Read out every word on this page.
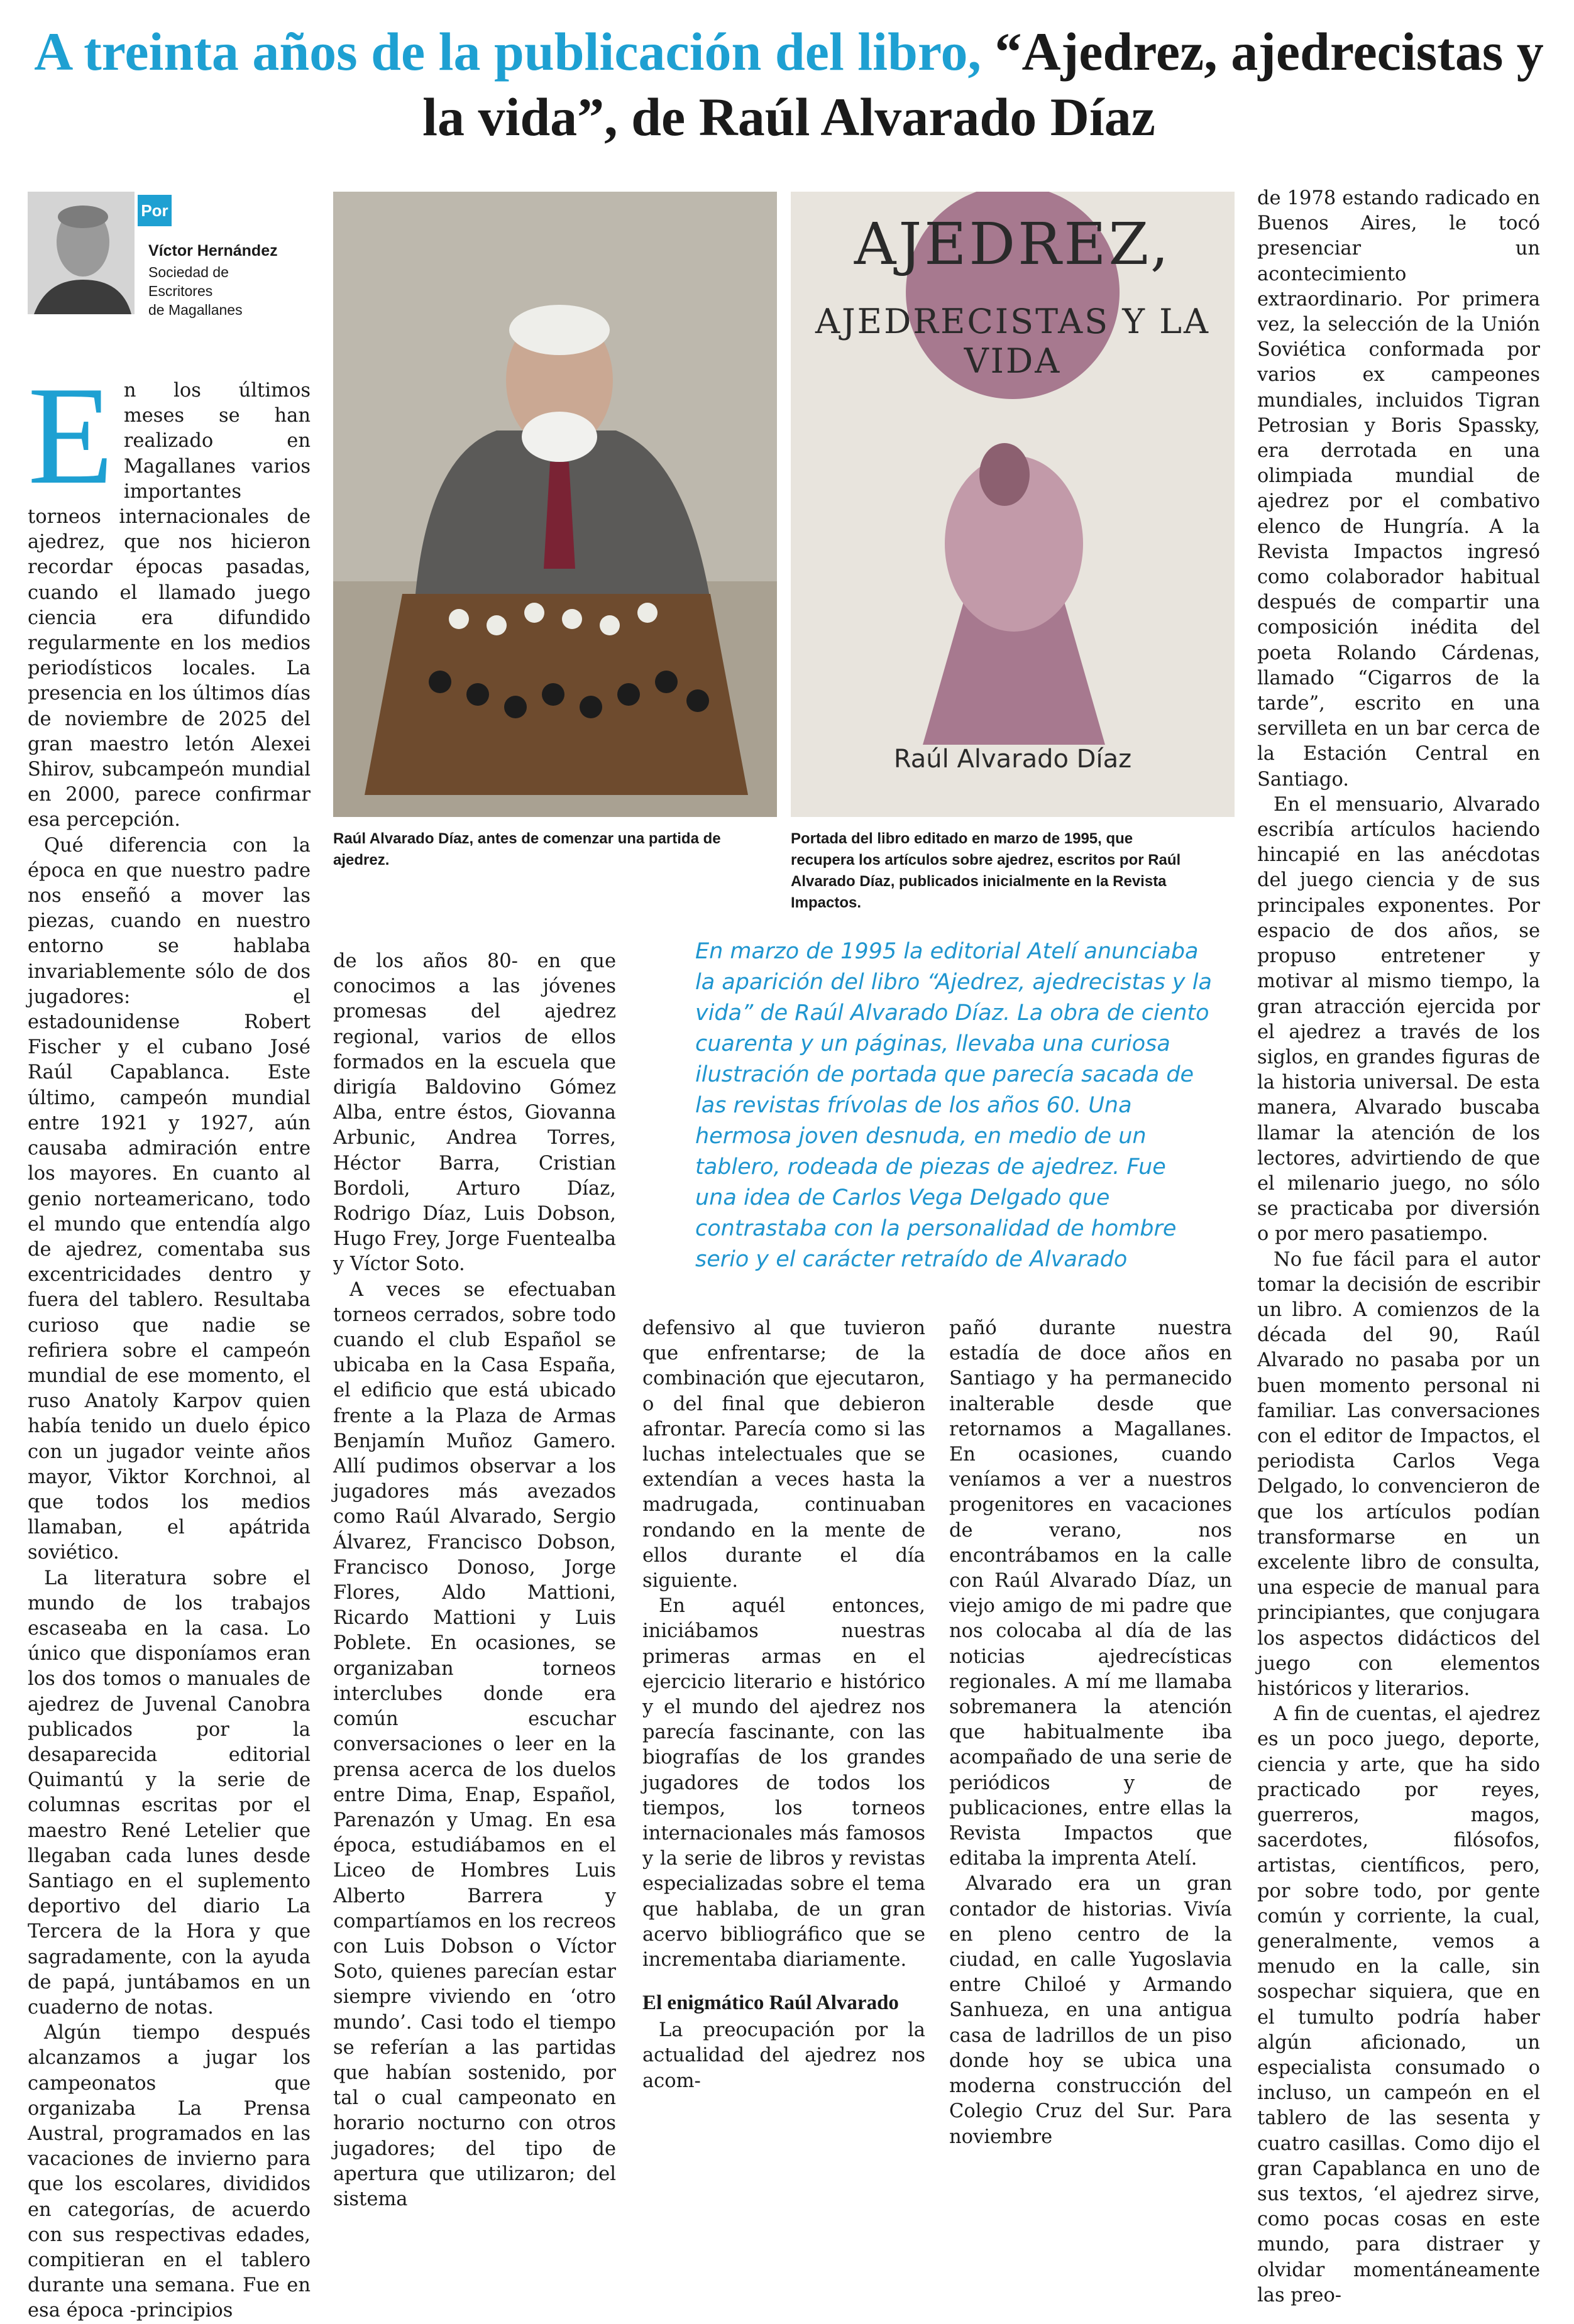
A treinta años de la publicación del libro, “Ajedrez, ajedrecistas y la vida”, de Raúl Alvarado Díaz
Por
Víctor Hernández
Sociedad de
Escritores
de Magallanes
Raúl Alvarado Díaz, antes de comenzar una partida de ajedrez.
AJEDREZ,
AJEDRECISTAS Y LA VIDA
Raúl Alvarado Díaz
Portada del libro editado en marzo de 1995, que recupera los artículos sobre ajedrez, escritos por Raúl Alvarado Díaz, publicados inicialmente en la Revista Impactos.
En marzo de 1995 la editorial Atelí anunciaba la aparición del libro “Ajedrez, ajedrecistas y la vida” de Raúl Alvarado Díaz. La obra de ciento cuarenta y un páginas, llevaba una curiosa ilustración de portada que parecía sacada de las revistas frívolas de los años 60. Una hermosa joven desnuda, en medio de un tablero, rodeada de piezas de ajedrez. Fue una idea de Carlos Vega Delgado que contrastaba con la personalidad de hombre serio y el carácter retraído de Alvarado
E n los últimos meses se han realizado en Magallanes varios importantes torneos internacionales de ajedrez, que nos hicieron recordar épocas pasadas, cuando el llamado juego ciencia era difundido regularmente en los medios periodísticos locales. La presencia en los últimos días de noviembre de 2025 del gran maestro letón Alexei Shirov, subcampeón mundial en 2000, parece confirmar esa percepción.

Qué diferencia con la época en que nuestro padre nos enseñó a mover las piezas, cuando en nuestro entorno se hablaba invariablemente sólo de dos jugadores: el estadounidense Robert Fischer y el cubano José Raúl Capablanca. Este último, campeón mundial entre 1921 y 1927, aún causaba admiración entre los mayores. En cuanto al genio norteamericano, todo el mundo que entendía algo de ajedrez, comentaba sus excentricidades dentro y fuera del tablero. Resultaba curioso que nadie se refiriera sobre el campeón mundial de ese momento, el ruso Anatoly Karpov quien había tenido un duelo épico con un jugador veinte años mayor, Viktor Korchnoi, al que todos los medios llamaban, el apátrida soviético.

La literatura sobre el mundo de los trabajos escaseaba en la casa. Lo único que disponíamos eran los dos tomos o manuales de ajedrez de Juvenal Canobra publicados por la desaparecida editorial Quimantú y la serie de columnas escritas por el maestro René Letelier que llegaban cada lunes desde Santiago en el suplemento deportivo del diario La Tercera de la Hora y que sagradamente, con la ayuda de papá, juntábamos en un cuaderno de notas.

Algún tiempo después alcanzamos a jugar los campeonatos que organizaba La Prensa Austral, programados en las vacaciones de invierno para que los escolares, divididos en categorías, de acuerdo con sus respectivas edades, compitieran en el tablero durante una semana. Fue en esa época -principios

de los años 80- en que conocimos a las jóvenes promesas del ajedrez regional, varios de ellos formados en la escuela que dirigía Baldovino Gómez Alba, entre éstos, Giovanna Arbunic, Andrea Torres, Héctor Barra, Cristian Bordoli, Arturo Díaz, Rodrigo Díaz, Luis Dobson, Hugo Frey, Jorge Fuentealba y Víctor Soto.

A veces se efectuaban torneos cerrados, sobre todo cuando el club Español se ubicaba en la Casa España, el edificio que está ubicado frente a la Plaza de Armas Benjamín Muñoz Gamero. Allí pudimos observar a los jugadores más avezados como Raúl Alvarado, Sergio Álvarez, Francisco Dobson, Francisco Donoso, Jorge Flores, Aldo Mattioni, Ricardo Mattioni y Luis Poblete. En ocasiones, se organizaban torneos interclubes donde era común escuchar conversaciones o leer en la prensa acerca de los duelos entre Dima, Enap, Español, Parenazón y Umag. En esa época, estudiábamos en el Liceo de Hombres Luis Alberto Barrera y compartíamos en los recreos con Luis Dobson o Víctor Soto, quienes parecían estar siempre viviendo en ‘otro mundo’. Casi todo el tiempo se referían a las partidas que habían sostenido, por tal o cual campeonato en horario nocturno con otros jugadores; del tipo de apertura que utilizaron; del sistema

defensivo al que tuvieron que enfrentarse; de la combinación que ejecutaron, o del final que debieron afrontar. Parecía como si las luchas intelectuales que se extendían a veces hasta la madrugada, continuaban rondando en la mente de ellos durante el día siguiente.

En aquél entonces, iniciábamos nuestras primeras armas en el ejercicio literario e histórico y el mundo del ajedrez nos parecía fascinante, con las biografías de los grandes jugadores de todos los tiempos, los torneos internacionales más famosos y la serie de libros y revistas especializadas sobre el tema que hablaba, de un gran acervo bibliográfico que se incrementaba diariamente.

El enigmático Raúl Alvarado

La preocupación por la actualidad del ajedrez nos acom-

pañó durante nuestra estadía de doce años en Santiago y ha permanecido inalterable desde que retornamos a Magallanes. En ocasiones, cuando veníamos a ver a nuestros progenitores en vacaciones de verano, nos encontrábamos en la calle con Raúl Alvarado Díaz, un viejo amigo de mi padre que nos colocaba al día de las noticias ajedrecísticas regionales. A mí me llamaba sobremanera la atención que habitualmente iba acompañado de una serie de periódicos y de publicaciones, entre ellas la Revista Impactos que editaba la imprenta Atelí.

Alvarado era un gran contador de historias. Vivía en pleno centro de la ciudad, en calle Yugoslavia entre Chiloé y Armando Sanhueza, en una antigua casa de ladrillos de un piso donde hoy se ubica una moderna construcción del Colegio Cruz del Sur. Para noviembre

de 1978 estando radicado en Buenos Aires, le tocó presenciar un acontecimiento extraordinario. Por primera vez, la selección de la Unión Soviética conformada por varios ex campeones mundiales, incluidos Tigran Petrosian y Boris Spassky, era derrotada en una olimpiada mundial de ajedrez por el combativo elenco de Hungría. A la Revista Impactos ingresó como colaborador habitual después de compartir una composición inédita del poeta Rolando Cárdenas, llamado “Cigarros de la tarde”, escrito en una servilleta en un bar cerca de la Estación Central en Santiago.

En el mensuario, Alvarado escribía artículos haciendo hincapié en las anécdotas del juego ciencia y de sus principales exponentes. Por espacio de dos años, se propuso entretener y motivar al mismo tiempo, la gran atracción ejercida por el ajedrez a través de los siglos, en grandes figuras de la historia universal. De esta manera, Alvarado buscaba llamar la atención de los lectores, advirtiendo de que el milenario juego, no sólo se practicaba por diversión o por mero pasatiempo.

No fue fácil para el autor tomar la decisión de escribir un libro. A comienzos de la década del 90, Raúl Alvarado no pasaba por un buen momento personal ni familiar. Las conversaciones con el editor de Impactos, el periodista Carlos Vega Delgado, lo convencieron de que los artículos podían transformarse en un excelente libro de consulta, una especie de manual para principiantes, que conjugara los aspectos didácticos del juego con elementos históricos y literarios.

A fin de cuentas, el ajedrez es un poco juego, deporte, ciencia y arte, que ha sido practicado por reyes, guerreros, magos, sacerdotes, filósofos, artistas, científicos, pero, por sobre todo, por gente común y corriente, la cual, generalmente, vemos a menudo en la calle, sin sospechar siquiera, que en el tumulto podría haber algún aficionado, un especialista consumado o incluso, un campeón en el tablero de las sesenta y cuatro casillas. Como dijo el gran Capablanca en uno de sus textos, ‘el ajedrez sirve, como pocas cosas en este mundo, para distraer y olvidar momentáneamente las preo-
